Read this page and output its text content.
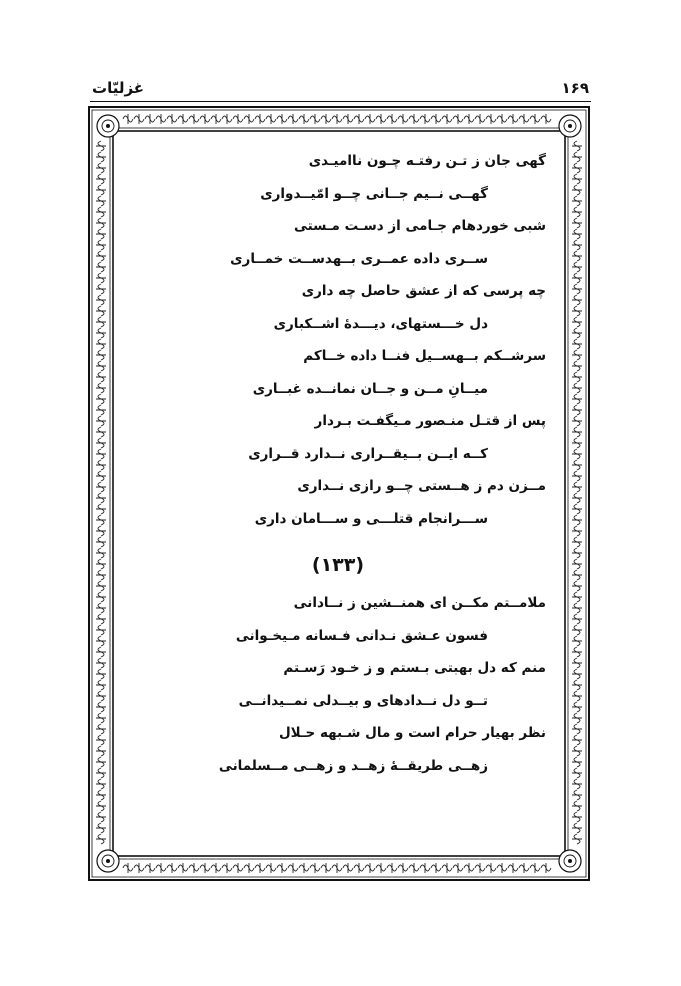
۱۶۹
غزلیّات
گهی جان ز تـن رفتـه چـون ناامیـدی
گهــی نــیم جــانی چــو امّیــدواری
شبی خوردهام جـامی از دسـت مـستی
ســری داده عمــری بــهدســت خمــاری
چه پرسی که از عشق حاصل چه داری
دل خـــستهای، دیـــدهٔ اشــکباری
سرشــکم بــهســیل فنــا داده خــاکم
میــانِ مــن و جــان نمانــده غبــاری
پس از قتـل منـصور مـیگفـت بـردار
کــه ایــن بــیقــراری نــدارد قــراری
مــزن دم ز هــستی چــو رازی نــداری
ســـرانجام قتلـــی و ســـامان داری
(۱۳۳)
ملامــتم مکــن ای همنــشین ز نــادانی
فسون عـشق نـدانی فـسانه مـیخـوانی
منم که دل بهبتی بـستم و ز خـود رَسـتم
تــو دل نــدادهای و بیــدلی نمــیدانــی
نظر بهیار حرام است و مال شـبهه حـلال
زهــی طریقــهٔ زهــد و زهــی مــسلمانی
